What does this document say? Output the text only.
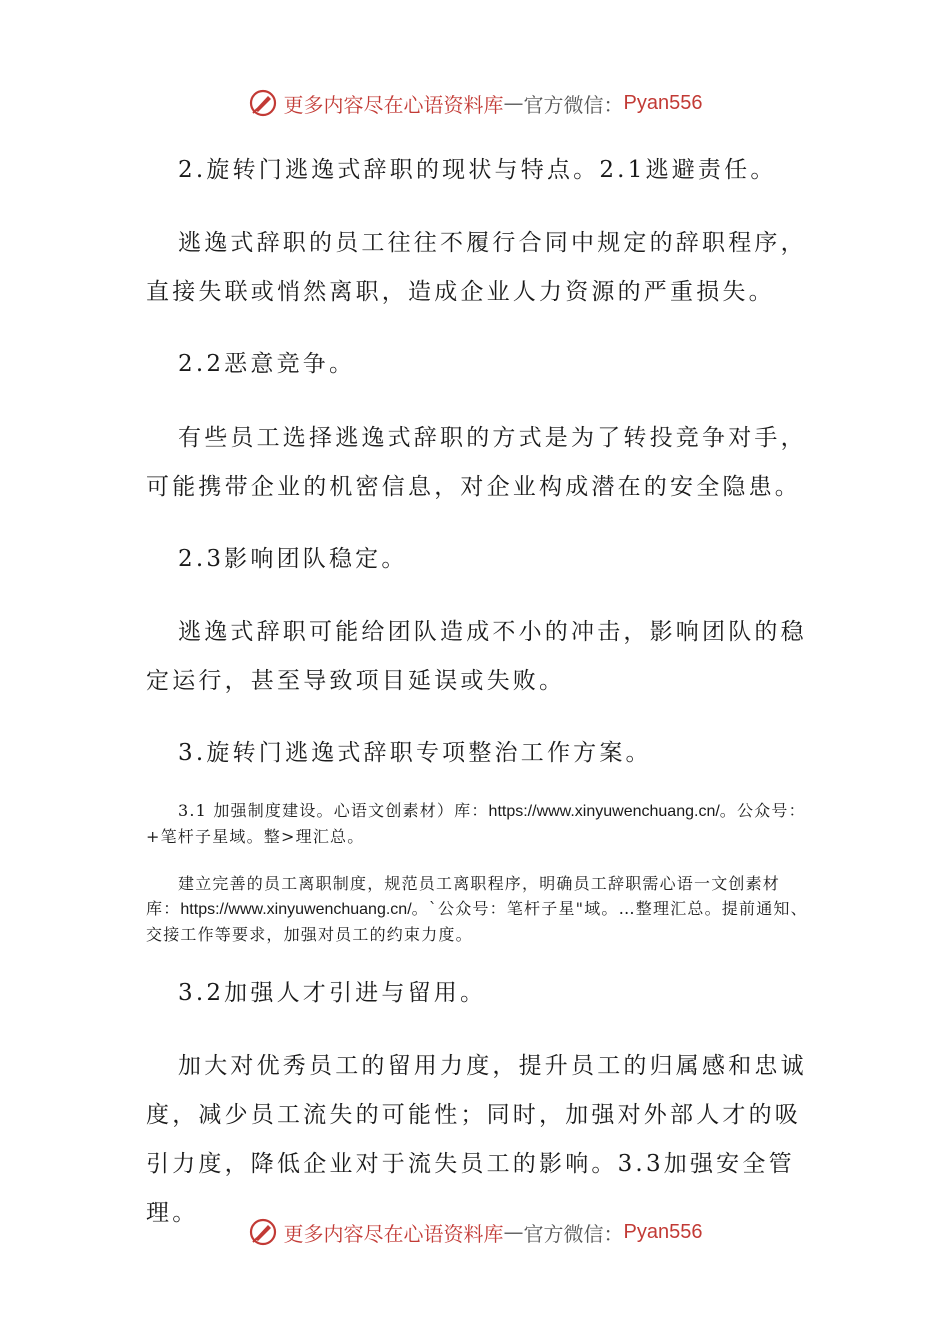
更多内容尽在心语资料库 — 官方微信： Pyan556

2.旋转门逃逸式辞职的现状与特点。2.1逃避责任。

逃逸式辞职的员工往往不履行合同中规定的辞职程序，直接失联或悄然离职，造成企业人力资源的严重损失。

2.2恶意竞争。

有些员工选择逃逸式辞职的方式是为了转投竞争对手，可能携带企业的机密信息，对企业构成潜在的安全隐患。

2.3影响团队稳定。

逃逸式辞职可能给团队造成不小的冲击，影响团队的稳定运行，甚至导致项目延误或失败。

3.旋转门逃逸式辞职专项整治工作方案。

3.1 加强制度建设。心语文创素材）库：https://www.xinyuwenchuang.cn/。公众号：+笔杆子星域。整>理汇总。

建立完善的员工离职制度，规范员工离职程序，明确员工辞职需心语一文创素材库：https://www.xinyuwenchuang.cn/。`公众号：笔杆子星"域。…整理汇总。提前通知、交接工作等要求，加强对员工的约束力度。

3.2加强人才引进与留用。

加大对优秀员工的留用力度，提升员工的归属感和忠诚度，减少员工流失的可能性；同时，加强对外部人才的吸引力度，降低企业对于流失员工的影响。3.3加强安全管理。

更多内容尽在心语资料库 — 官方微信： Pyan556
